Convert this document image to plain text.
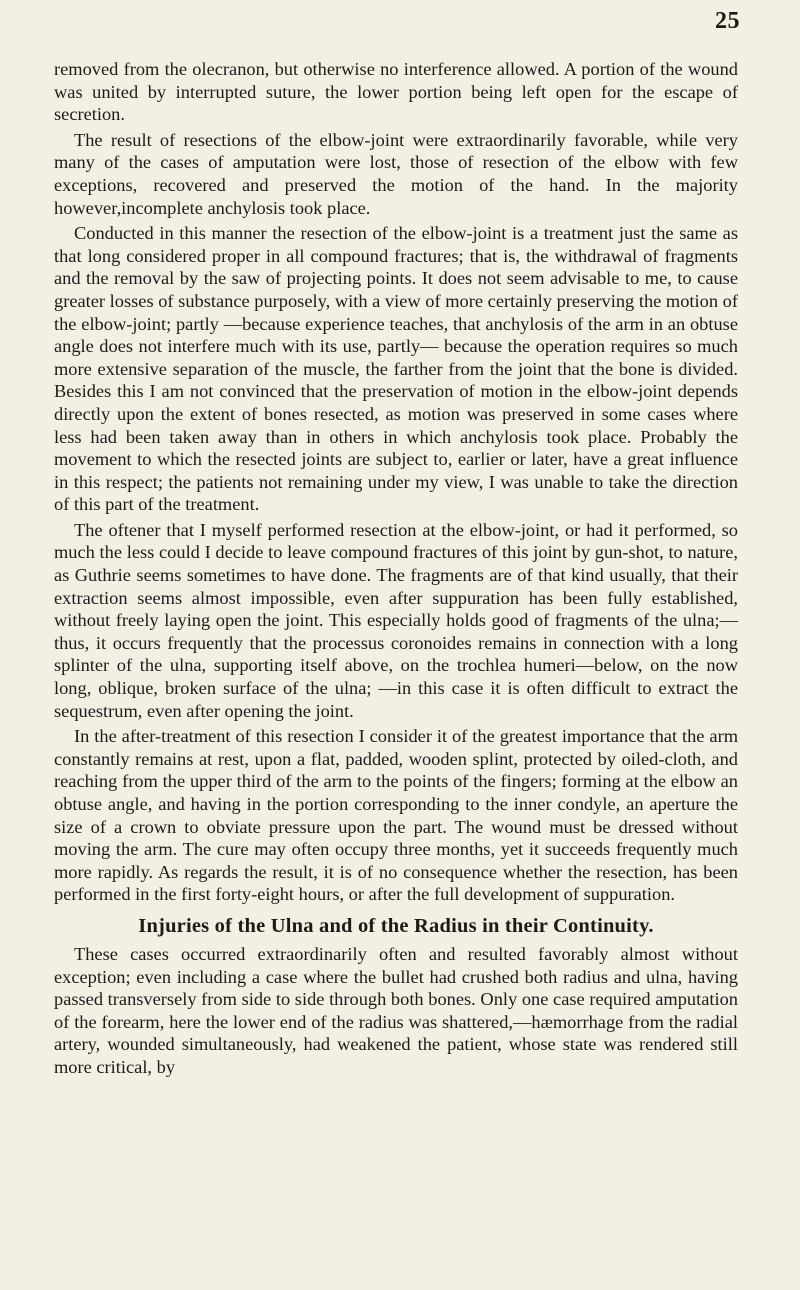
25

removed from the olecranon, but otherwise no interference allowed. A portion of the wound was united by interrupted suture, the lower portion being left open for the escape of secretion.

The result of resections of the elbow-joint were extraordinarily favorable, while very many of the cases of amputation were lost, those of resection of the elbow with few exceptions, recovered and preserved the motion of the hand. In the majority however,incomplete anchylosis took place.

Conducted in this manner the resection of the elbow-joint is a treatment just the same as that long considered proper in all compound fractures; that is, the withdrawal of fragments and the removal by the saw of projecting points. It does not seem advisable to me, to cause greater losses of substance purposely, with a view of more certainly preserving the motion of the elbow-joint; partly —because experience teaches, that anchylosis of the arm in an obtuse angle does not interfere much with its use, partly— because the operation requires so much more extensive separation of the muscle, the farther from the joint that the bone is divided. Besides this I am not convinced that the preservation of motion in the elbow-joint depends directly upon the extent of bones resected, as motion was preserved in some cases where less had been taken away than in others in which anchylosis took place. Probably the movement to which the resected joints are subject to, earlier or later, have a great influence in this respect; the patients not remaining under my view, I was unable to take the direction of this part of the treatment.

The oftener that I myself performed resection at the elbow-joint, or had it performed, so much the less could I decide to leave compound fractures of this joint by gun-shot, to nature, as Guthrie seems sometimes to have done. The fragments are of that kind usually, that their extraction seems almost impossible, even after suppuration has been fully established, without freely laying open the joint. This especially holds good of fragments of the ulna;—thus, it occurs frequently that the processus coronoides remains in connection with a long splinter of the ulna, supporting itself above, on the trochlea humeri—below, on the now long, oblique, broken surface of the ulna; —in this case it is often difficult to extract the sequestrum, even after opening the joint.

In the after-treatment of this resection I consider it of the greatest importance that the arm constantly remains at rest, upon a flat, padded, wooden splint, protected by oiled-cloth, and reaching from the upper third of the arm to the points of the fingers; forming at the elbow an obtuse angle, and having in the portion corresponding to the inner condyle, an aperture the size of a crown to obviate pressure upon the part. The wound must be dressed without moving the arm. The cure may often occupy three months, yet it succeeds frequently much more rapidly. As regards the result, it is of no consequence whether the resection, has been performed in the first forty-eight hours, or after the full development of suppuration.

Injuries of the Ulna and of the Radius in their Continuity.

These cases occurred extraordinarily often and resulted favorably almost without exception; even including a case where the bullet had crushed both radius and ulna, having passed transversely from side to side through both bones. Only one case required amputation of the forearm, here the lower end of the radius was shattered,—hæmorrhage from the radial artery, wounded simultaneously, had weakened the patient, whose state was rendered still more critical, by
